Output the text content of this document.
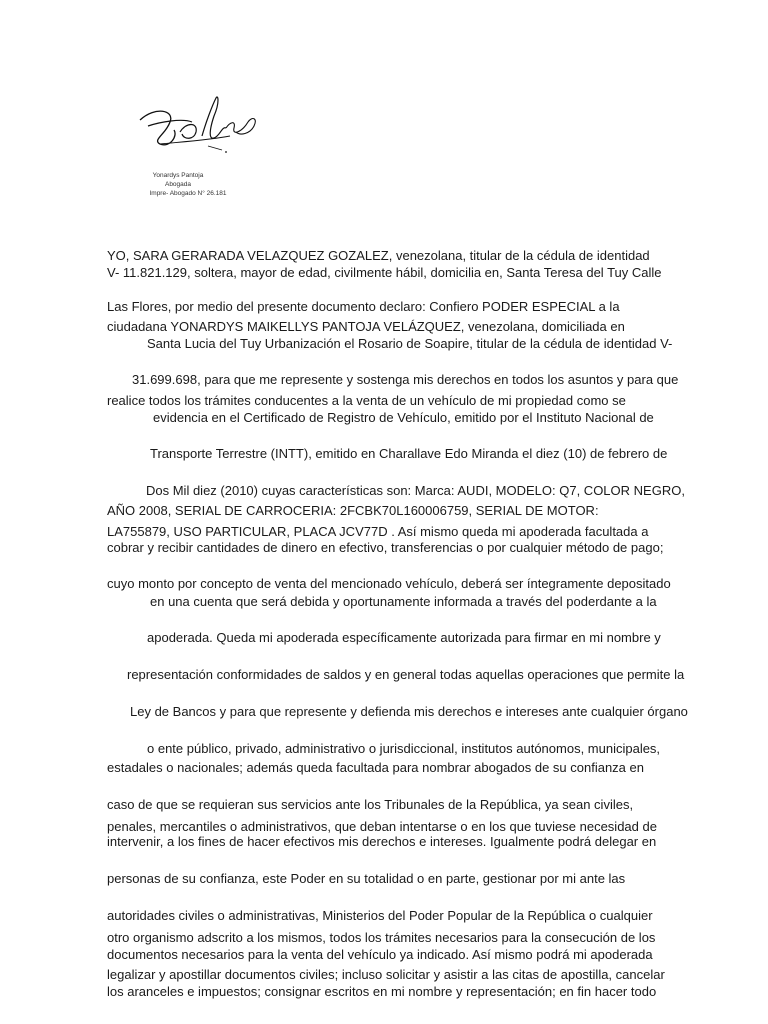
Yonardys Pantoja
Abogada
Impre- Abogado N° 26.181
YO, SARA GERARADA VELAZQUEZ GOZALEZ, venezolana, titular de la cédula de identidad
V- 11.821.129, soltera, mayor de edad, civilmente hábil, domicilia en, Santa Teresa del Tuy Calle
Las Flores, por medio del presente documento declaro: Confiero PODER ESPECIAL a la
ciudadana YONARDYS MAIKELLYS PANTOJA VELÁZQUEZ, venezolana, domiciliada en
Santa Lucia del Tuy Urbanización el Rosario de Soapire, titular de la cédula de identidad V-
31.699.698, para que me represente y sostenga mis derechos en todos los asuntos y para que
realice todos los trámites conducentes a la venta de un vehículo de mi propiedad como se
evidencia en el Certificado de Registro de Vehículo, emitido por el Instituto Nacional de
Transporte Terrestre (INTT), emitido en Charallave Edo Miranda el diez (10) de febrero de
Dos Mil diez (2010) cuyas características son: Marca: AUDI, MODELO: Q7, COLOR NEGRO,
AÑO 2008, SERIAL DE CARROCERIA: 2FCBK70L160006759, SERIAL DE MOTOR:
LA755879, USO PARTICULAR, PLACA JCV77D . Así mismo queda mi apoderada facultada a
cobrar y recibir cantidades de dinero en efectivo, transferencias o por cualquier método de pago;
cuyo monto por concepto de venta del mencionado vehículo, deberá ser íntegramente depositado
en una cuenta que será debida y oportunamente informada a través del poderdante a la
apoderada. Queda mi apoderada específicamente autorizada para firmar en mi nombre y
representación conformidades de saldos y en general todas aquellas operaciones que permite la
Ley de Bancos y para que represente y defienda mis derechos e intereses ante cualquier órgano
o ente público, privado, administrativo o jurisdiccional, institutos autónomos, municipales,
estadales o nacionales; además queda facultada para nombrar abogados de su confianza en
caso de que se requieran sus servicios ante los Tribunales de la República, ya sean civiles,
penales, mercantiles o administrativos, que deban intentarse o en los que tuviese necesidad de
intervenir, a los fines de hacer efectivos mis derechos e intereses. Igualmente podrá delegar en
personas de su confianza, este Poder en su totalidad o en parte, gestionar por mi ante las
autoridades civiles o administrativas, Ministerios del Poder Popular de la República o cualquier
otro organismo adscrito a los mismos, todos los trámites necesarios para la consecución de los
documentos necesarios para la venta del vehículo ya indicado. Así mismo podrá mi apoderada
legalizar y apostillar documentos civiles; incluso solicitar y asistir a las citas de apostilla, cancelar
los aranceles e impuestos; consignar escritos en mi nombre y representación; en fin hacer todo
